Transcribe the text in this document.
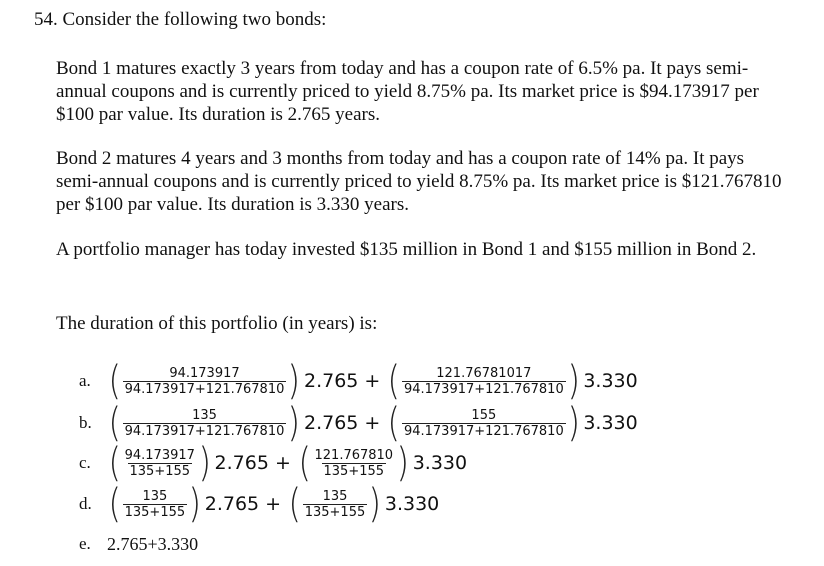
54. Consider the following two bonds:
Bond 1 matures exactly 3 years from today and has a coupon rate of 6.5% pa. It pays semi-annual coupons and is currently priced to yield 8.75% pa. Its market price is $94.173917 per $100 par value. Its duration is 2.765 years.
Bond 2 matures 4 years and 3 months from today and has a coupon rate of 14% pa. It pays semi-annual coupons and is currently priced to yield 8.75% pa. Its market price is $121.767810 per $100 par value. Its duration is 3.330 years.
A portfolio manager has today invested $135 million in Bond 1 and $155 million in Bond 2.
The duration of this portfolio (in years) is:
a. ( $\frac{94.173917}{94.173917+121.767810}$ ) 2.765 + ( $\frac{121.76781017}{94.173917+121.767810}$ ) 3.330
b. ( $\frac{135}{94.173917+121.767810}$ ) 2.765 + ( $\frac{155}{94.173917+121.767810}$ ) 3.330
c. ( $\frac{94.173917}{135+155}$ ) 2.765 + ( $\frac{121.767810}{135+155}$ ) 3.330
d. ( $\frac{135}{135+155}$ ) 2.765 + ( $\frac{135}{135+155}$ ) 3.330
e. 2.765+3.330
